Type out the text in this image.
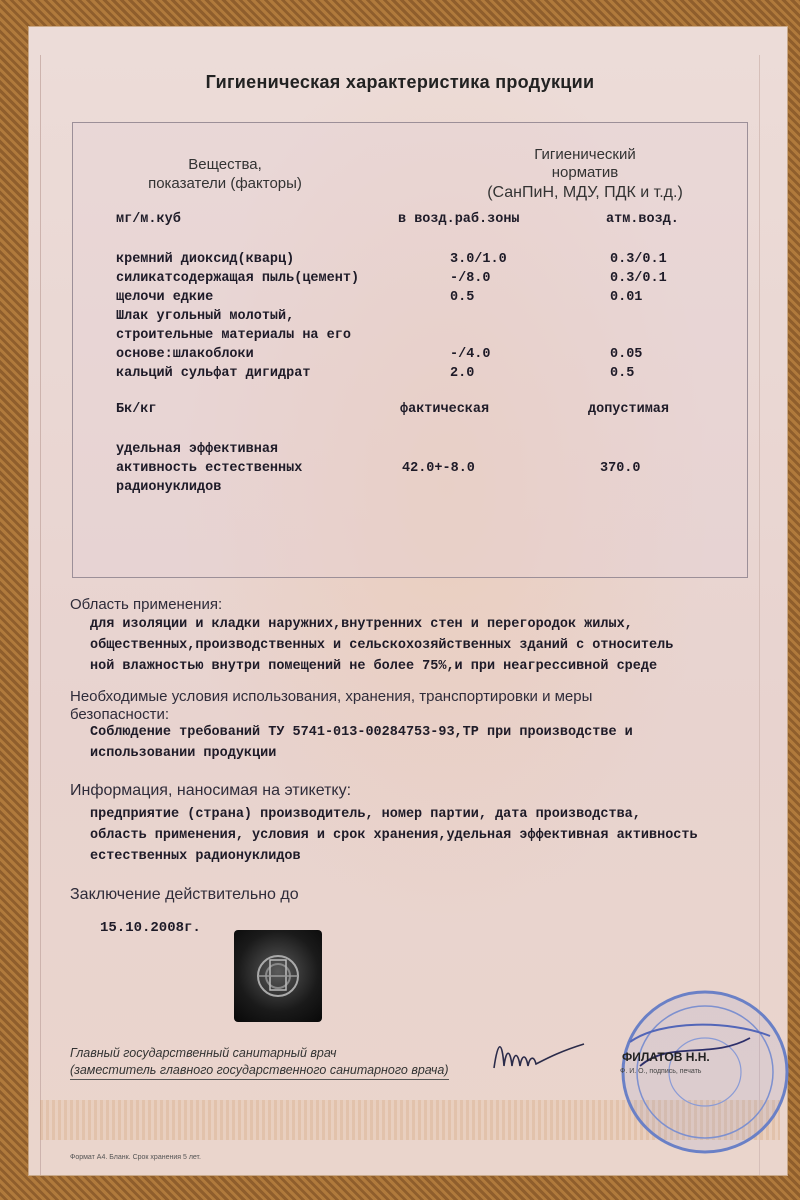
Гигиеническая характеристика продукции
Вещества,
показатели (факторы)
Гигиенический
норматив
(СанПиН, МДУ, ПДК и т.д.)
мг/м.куб	в возд.раб.зоны	атм.возд.
кремний диоксид(кварц)	3.0/1.0	0.3/0.1
силикатсодержащая пыль(цемент)	-/8.0	0.3/0.1
щелочи едкие	0.5	0.01
Шлак угольный молотый,
строительные материалы на его
основе:шлакоблоки	-/4.0	0.05
кальций сульфат дигидрат	2.0	0.5
Бк/кг	фактическая	допустимая
удельная эффективная
активность естественных
радионуклидов
42.0+-8.0	370.0
Область применения:
для изоляции и кладки наружних,внутренних стен и перегородок жилых,
общественных,производственных и сельскохозяйственных зданий с относитель
ной влажностью внутри помещений не более 75%,и при неагрессивной среде
Необходимые условия использования, хранения, транспортировки и меры
безопасности:
Соблюдение требований ТУ 5741-013-00284753-93,ТР при производстве и
использовании продукции
Информация, наносимая на этикетку:
предприятие (страна) производитель, номер партии, дата производства,
область применения, условия и срок хранения,удельная эффективная активность
естественных радионуклидов
Заключение действительно до
15.10.2008г.
Главный государственный санитарный врач
(заместитель главного государственного санитарного врача)
ФИЛАТОВ Н.Н.
Ф. И. О., подпись, печать
Формат А4. Бланк. Срок хранения 5 лет.
